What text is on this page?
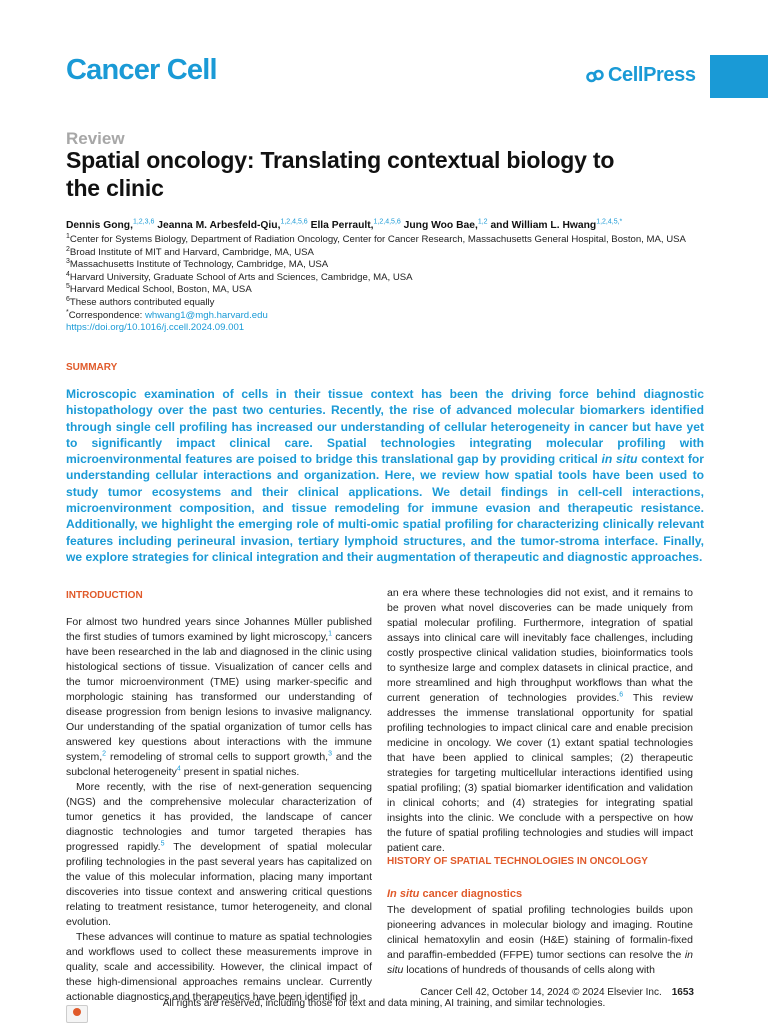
Cancer Cell	CellPress
Review
Spatial oncology: Translating contextual biology to the clinic
Dennis Gong,$^{1,2,3,6}$ Jeanna M. Arbesfeld-Qiu,$^{1,2,4,5,6}$ Ella Perrault,$^{1,2,4,5,6}$ Jung Woo Bae,$^{1,2}$ and William L. Hwang$^{1,2,4,5,*}$
$^1$Center for Systems Biology, Department of Radiation Oncology, Center for Cancer Research, Massachusetts General Hospital, Boston, MA, USA
$^2$Broad Institute of MIT and Harvard, Cambridge, MA, USA
$^3$Massachusetts Institute of Technology, Cambridge, MA, USA
$^4$Harvard University, Graduate School of Arts and Sciences, Cambridge, MA, USA
$^5$Harvard Medical School, Boston, MA, USA
$^6$These authors contributed equally
*Correspondence: whwang1@mgh.harvard.edu
https://doi.org/10.1016/j.ccell.2024.09.001
SUMMARY
Microscopic examination of cells in their tissue context has been the driving force behind diagnostic histopathology over the past two centuries. Recently, the rise of advanced molecular biomarkers identified through single cell profiling has increased our understanding of cellular heterogeneity in cancer but have yet to significantly impact clinical care. Spatial technologies integrating molecular profiling with microenvironmental features are poised to bridge this translational gap by providing critical in situ context for understanding cellular interactions and organization. Here, we review how spatial tools have been used to study tumor ecosystems and their clinical applications. We detail findings in cell-cell interactions, microenvironment composition, and tissue remodeling for immune evasion and therapeutic resistance. Additionally, we highlight the emerging role of multi-omic spatial profiling for characterizing clinically relevant features including perineural invasion, tertiary lymphoid structures, and the tumor-stroma interface. Finally, we explore strategies for clinical integration and their augmentation of therapeutic and diagnostic approaches.
INTRODUCTION

For almost two hundred years since Johannes Müller published the first studies of tumors examined by light microscopy,$^1$ cancers have been researched in the lab and diagnosed in the clinic using histological sections of tissue. Visualization of cancer cells and the tumor microenvironment (TME) using marker-specific and morphologic staining has transformed our understanding of disease progression from benign lesions to invasive malignancy. Our understanding of the spatial organization of tumor cells has answered key questions about interactions with the immune system,$^2$ remodeling of stromal cells to support growth,$^3$ and the subclonal heterogeneity$^4$ present in spatial niches.

More recently, with the rise of next-generation sequencing (NGS) and the comprehensive molecular characterization of tumor genetics it has provided, the landscape of cancer diagnostic technologies and tumor targeted therapies has progressed rapidly.$^5$ The development of spatial molecular profiling technologies in the past several years has capitalized on the value of this molecular information, placing many important discoveries into tissue context and answering critical questions relating to treatment resistance, tumor heterogeneity, and clonal evolution.

These advances will continue to mature as spatial technologies and workflows used to collect these measurements improve in quality, scale and accessibility. However, the clinical impact of these high-dimensional approaches remains unclear. Currently actionable diagnostics and therapeutics have been identified in

an era where these technologies did not exist, and it remains to be proven what novel discoveries can be made uniquely from spatial molecular profiling. Furthermore, integration of spatial assays into clinical care will inevitably face challenges, including costly prospective clinical validation studies, bioinformatics tools to synthesize large and complex datasets in clinical practice, and more streamlined and high throughput workflows than what the current generation of technologies provides.$^6$ This review addresses the immense translational opportunity for spatial profiling technologies to impact clinical care and enable precision medicine in oncology. We cover (1) extant spatial technologies that have been applied to clinical samples; (2) therapeutic strategies for targeting multicellular interactions identified using spatial profiling; (3) spatial biomarker identification and validation in clinical cohorts; and (4) strategies for integrating spatial insights into the clinic. We conclude with a perspective on how the future of spatial profiling technologies and studies will impact patient care.

HISTORY OF SPATIAL TECHNOLOGIES IN ONCOLOGY
In situ cancer diagnostics

The development of spatial profiling technologies builds upon pioneering advances in molecular biology and imaging. Routine clinical hematoxylin and eosin (H&E) staining of formalin-fixed and paraffin-embedded (FFPE) tumor sections can resolve the in situ locations of hundreds of thousands of cells along with

Cancer Cell 42, October 14, 2024 © 2024 Elsevier Inc. 1653
All rights are reserved, including those for text and data mining, AI training, and similar technologies.
